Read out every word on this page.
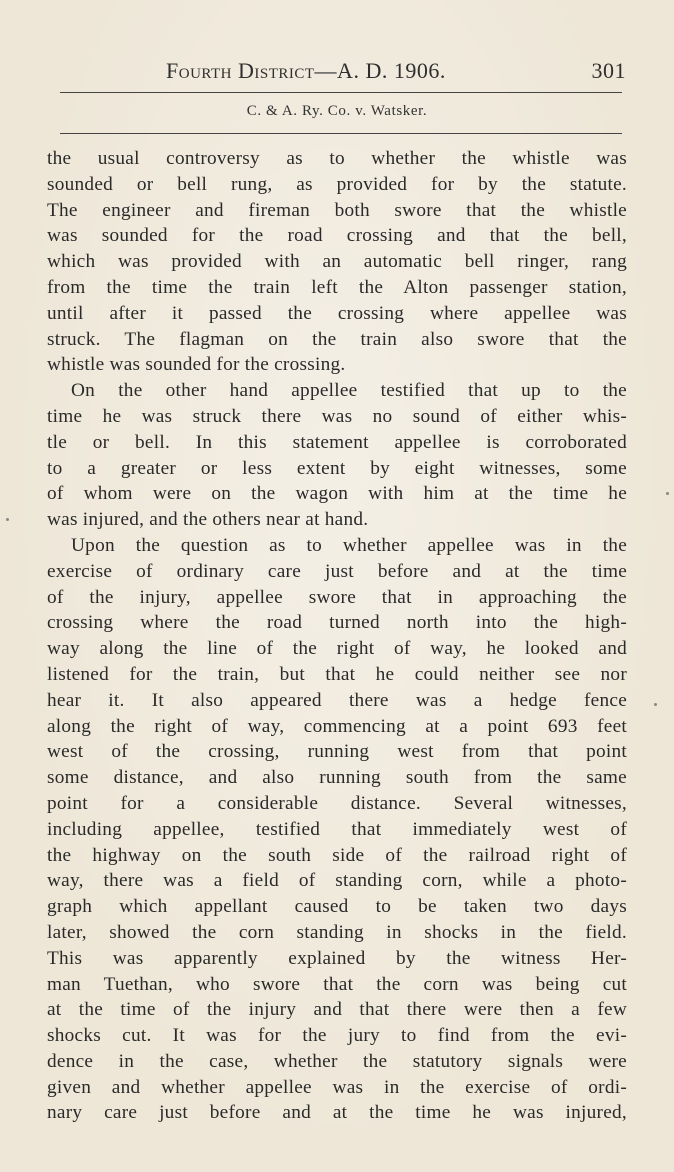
Fourth District—A. D. 1906.	301
C. & A. Ry. Co. v. Watsker.
the usual controversy as to whether the whistle was
sounded or bell rung, as provided for by the statute.
The engineer and fireman both swore that the whistle
was sounded for the road crossing and that the bell,
which was provided with an automatic bell ringer, rang
from the time the train left the Alton passenger station,
until after it passed the crossing where appellee was
struck. The flagman on the train also swore that the
whistle was sounded for the crossing.
On the other hand appellee testified that up to the
time he was struck there was no sound of either whis-
tle or bell. In this statement appellee is corroborated
to a greater or less extent by eight witnesses, some
of whom were on the wagon with him at the time he
was injured, and the others near at hand.
Upon the question as to whether appellee was in the
exercise of ordinary care just before and at the time
of the injury, appellee swore that in approaching the
crossing where the road turned north into the high-
way along the line of the right of way, he looked and
listened for the train, but that he could neither see nor
hear it. It also appeared there was a hedge fence
along the right of way, commencing at a point 693 feet
west of the crossing, running west from that point
some distance, and also running south from the same
point for a considerable distance. Several witnesses,
including appellee, testified that immediately west of
the highway on the south side of the railroad right of
way, there was a field of standing corn, while a photo-
graph which appellant caused to be taken two days
later, showed the corn standing in shocks in the field.
This was apparently explained by the witness Her-
man Tuethan, who swore that the corn was being cut
at the time of the injury and that there were then a few
shocks cut. It was for the jury to find from the evi-
dence in the case, whether the statutory signals were
given and whether appellee was in the exercise of ordi-
nary care just before and at the time he was injured,
